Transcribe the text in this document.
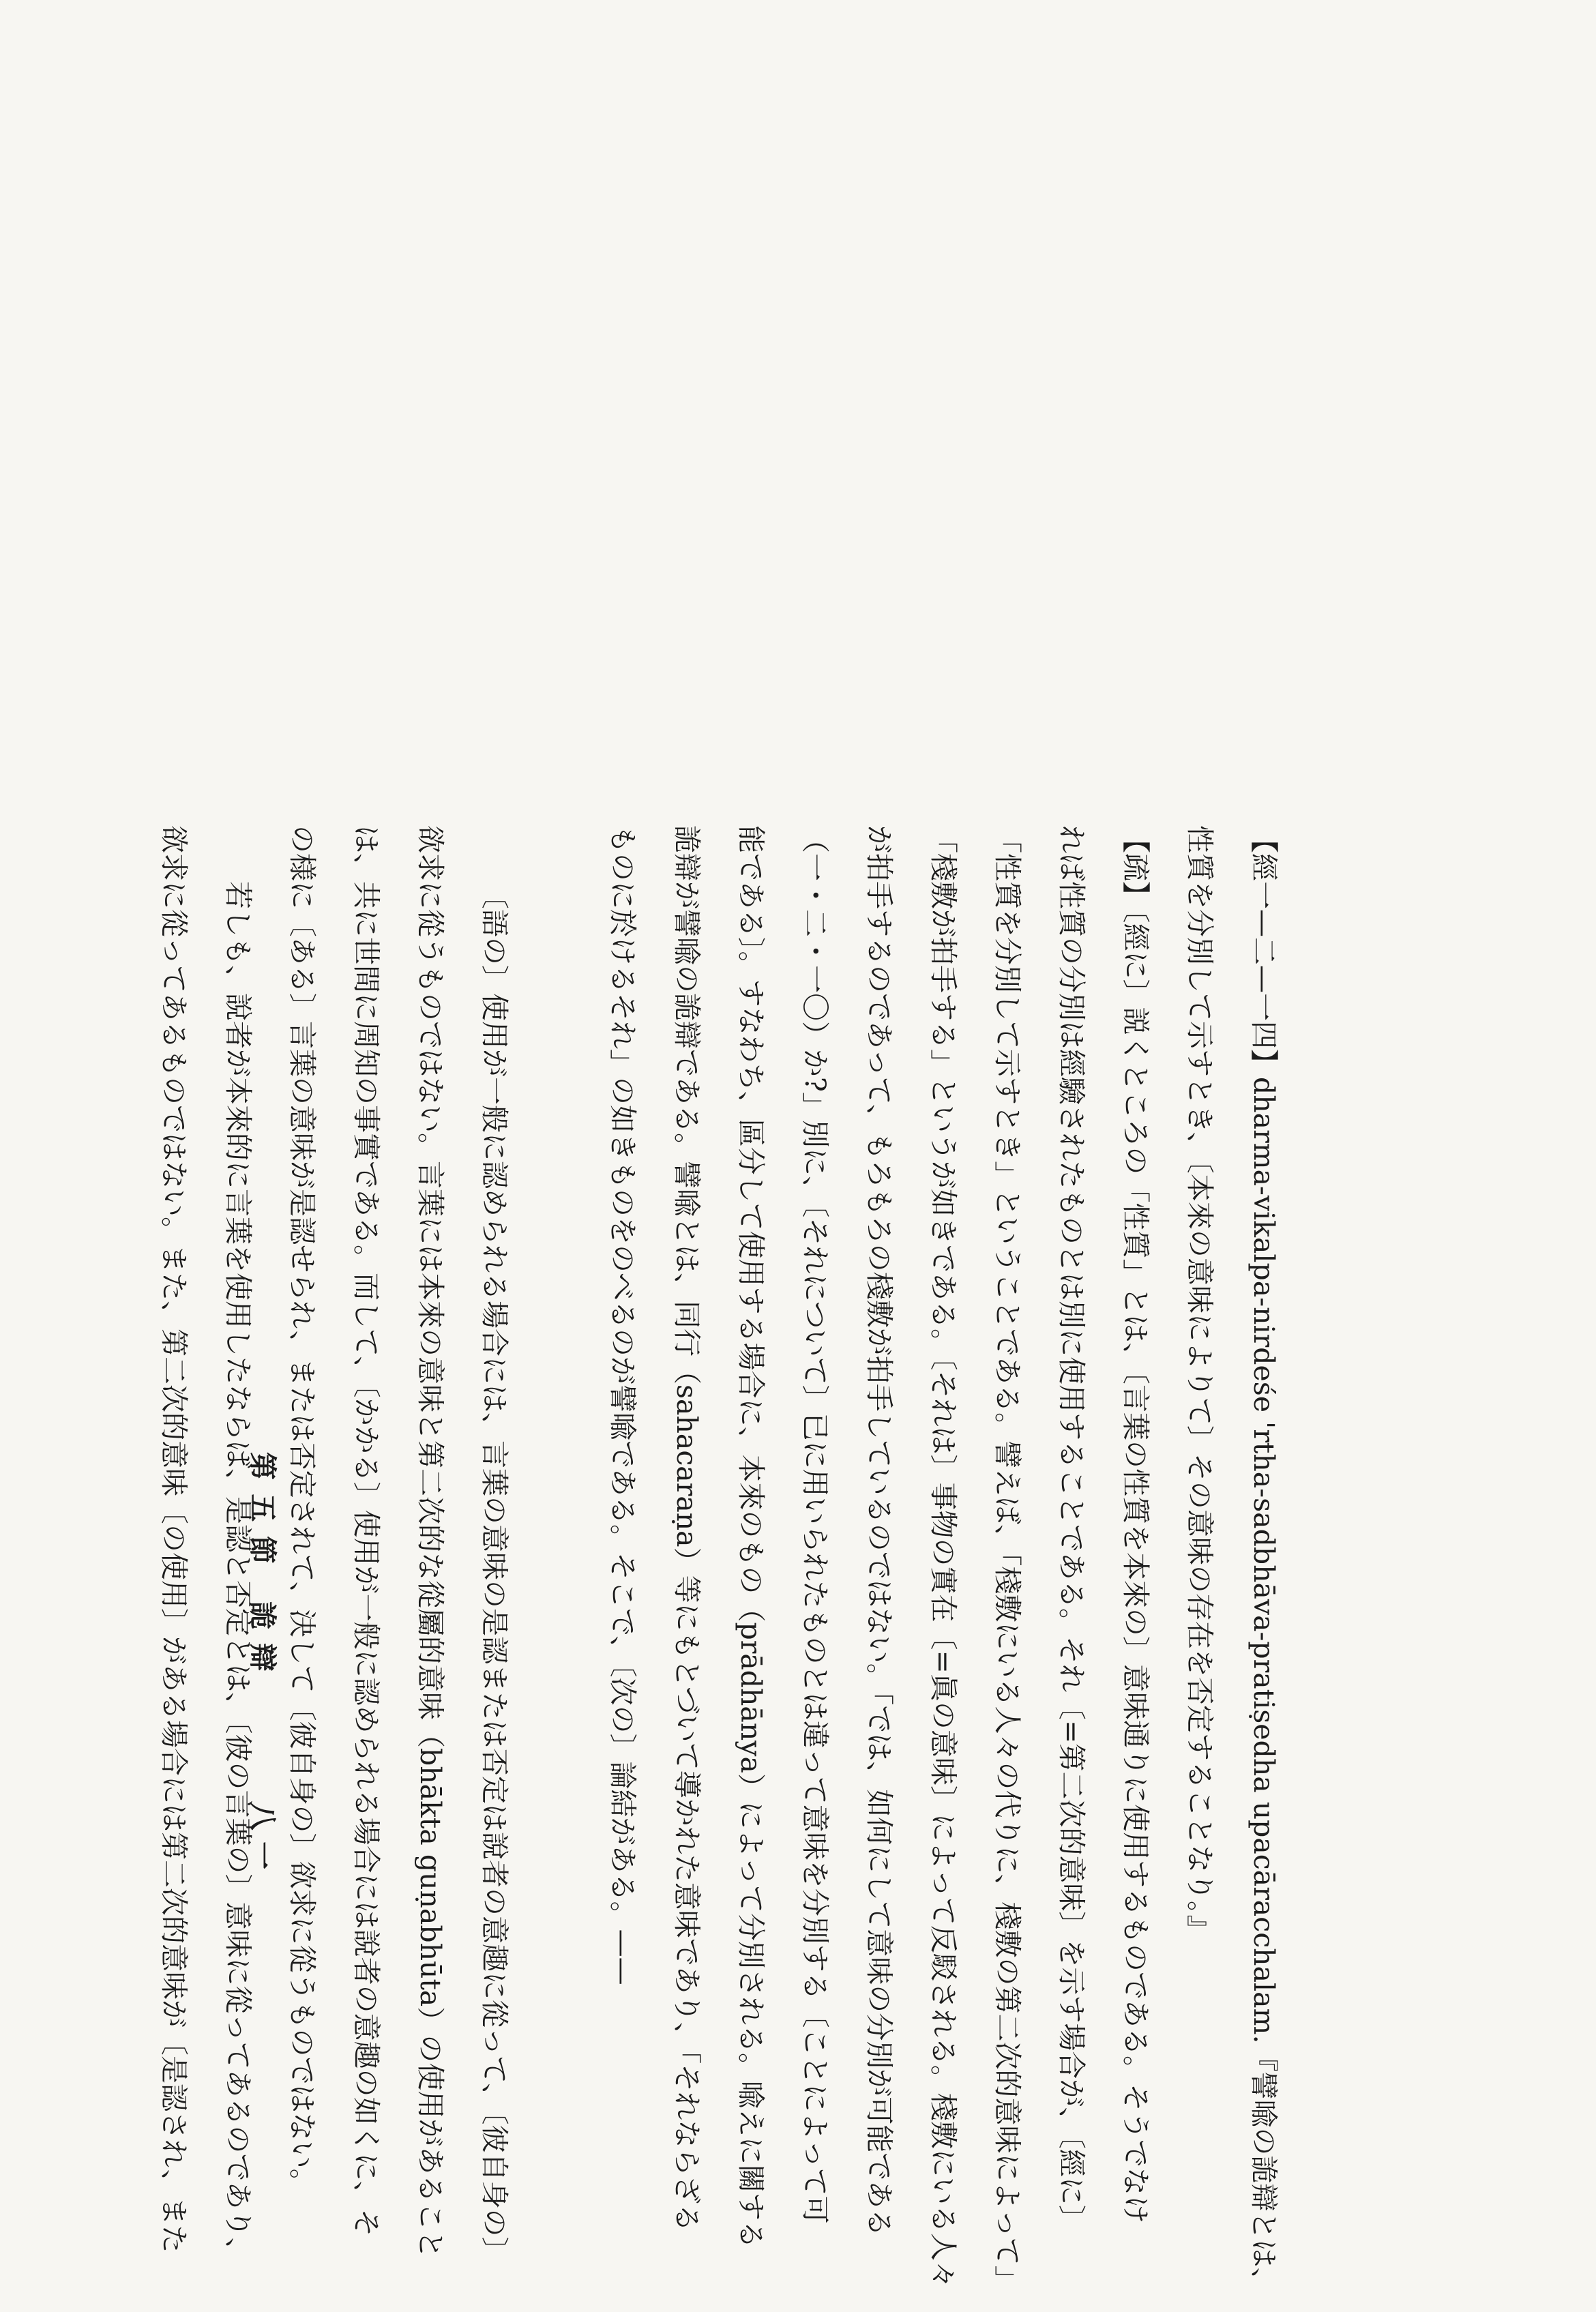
【經一—二—一四】dharma-vikalpa-nirdeśe 'rtha-sadbhāva-pratiṣedha upacāracchalam.『譬喩の詭辯とは、
性質を分別して示すとき、〔本來の意味によりて〕その意味の存在を否定することなり。』
【疏】〔經に〕説くところの「性質」とは、〔言葉の性質を本來の〕意味通りに使用するものである。そうでなけ
れば性質の分別は經驗されたものとは別に使用することである。それ〔=第二次的意味〕を示す場合が、〔經に〕
「性質を分別して示すとき」ということである。譬えば、「棧敷にいる人々の代りに、棧敷の第二次的意味によって」
「棧敷が拍手する」というが如きである。〔それは〕事物の實在〔=眞の意味〕によって反駁される。棧敷にいる人々
が拍手するのであって、もろもろの棧敷が拍手しているのではない。「では、如何にして意味の分別が可能である
（一・二・一〇）か?」別に、〔それについて〕已に用いられたものとは違って意味を分別する〔ことによって可
能である〕。すなわち、區分して使用する場合に、本來のもの（prādhānya）によって分別される。喩えに關する
詭辯が譬喩の詭辯である。譬喩とは、同行（sahacaraṇa）等にもとづいて導かれた意味であり、「それならざる
ものに於けるそれ」の如きものをのべるのが譬喩である。そこで、〔次の〕論結がある。——
〔語の〕使用が一般に認められる場合には、言葉の意味の是認または否定は說者の意趣に從って、〔彼自身の〕
欲求に從うものではない。言葉には本來の意味と第二次的な從屬的意味（bhākta guṇabhūta）の使用があること
は、共に世間に周知の事實である。而して、〔かかる〕使用が一般に認められる場合には說者の意趣の如くに、そ
の様に〔ある〕言葉の意味が是認せられ、または否定されて、決して〔彼自身の〕欲求に從うものではない。
若しも、說者が本來的に言葉を使用したならば、是認と否定とは、〔彼の言葉の〕意味に從ってあるのであり、
欲求に從ってあるものではない。また、第二次的意味〔の使用〕がある場合には第二次的意味が〔是認され、また	第五節 詭辯
八一
